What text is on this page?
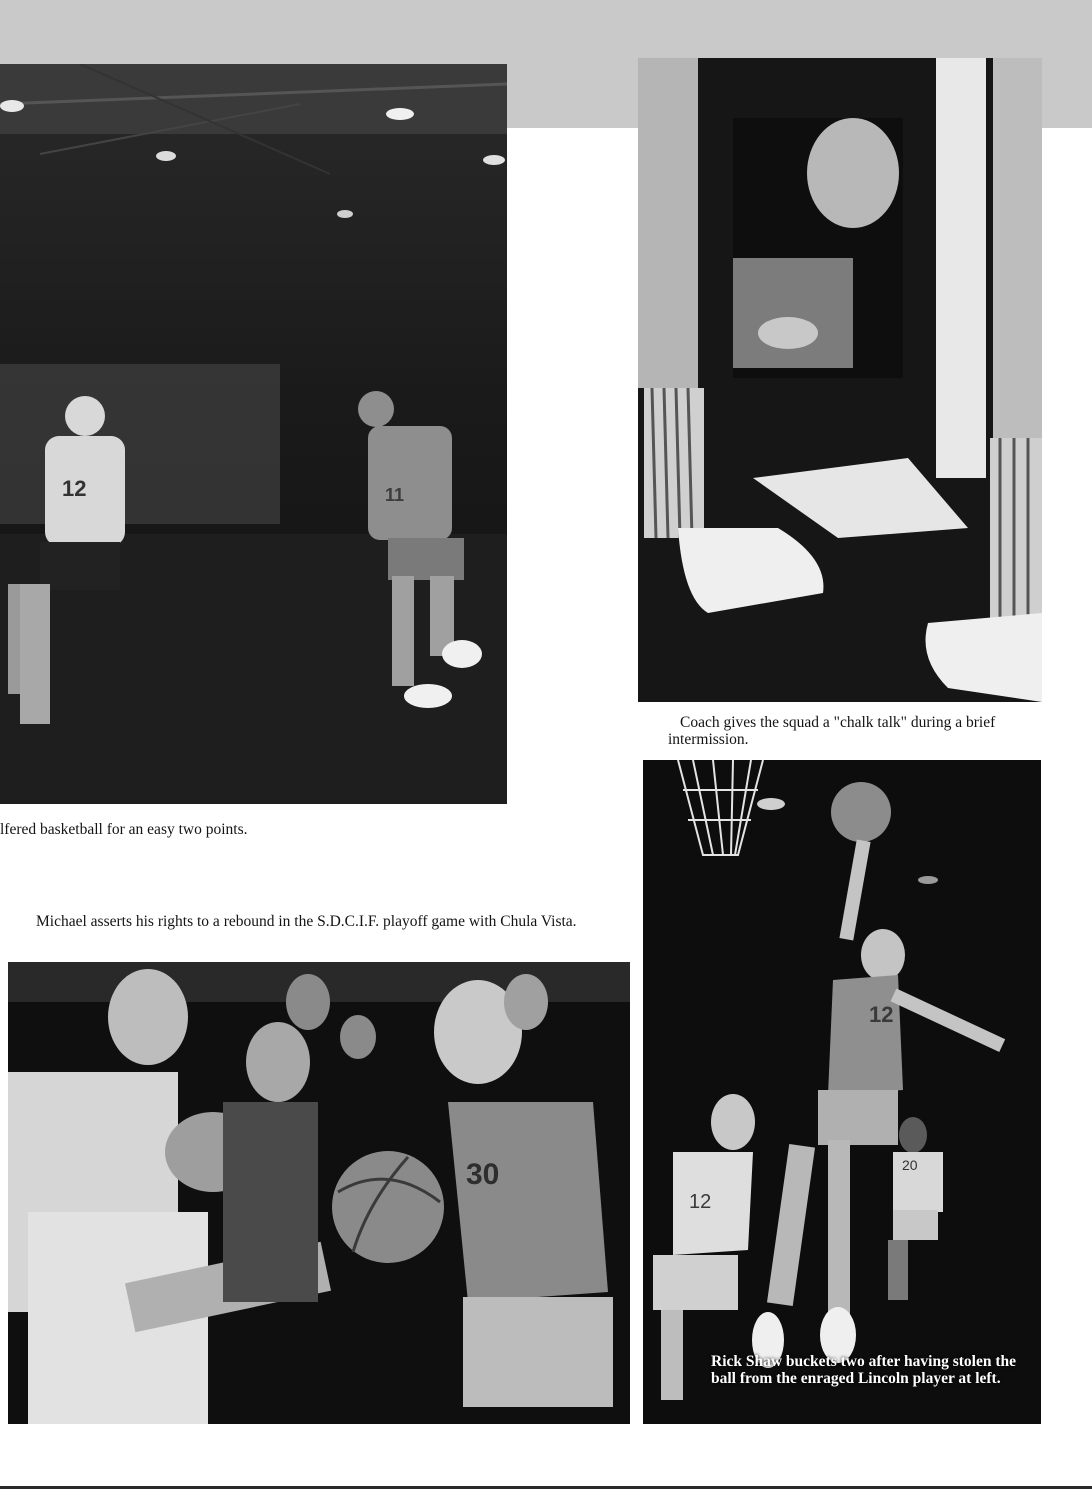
12	11
lfered basketball for an easy two points.
Coach gives the squad a "chalk talk" during a brief intermission.
Michael asserts his rights to a rebound in the S.D.C.I.F. playoff game with Chula Vista.
30
12
12
20
Rick Shaw buckets two after having stolen the ball from the enraged Lincoln player at left.
